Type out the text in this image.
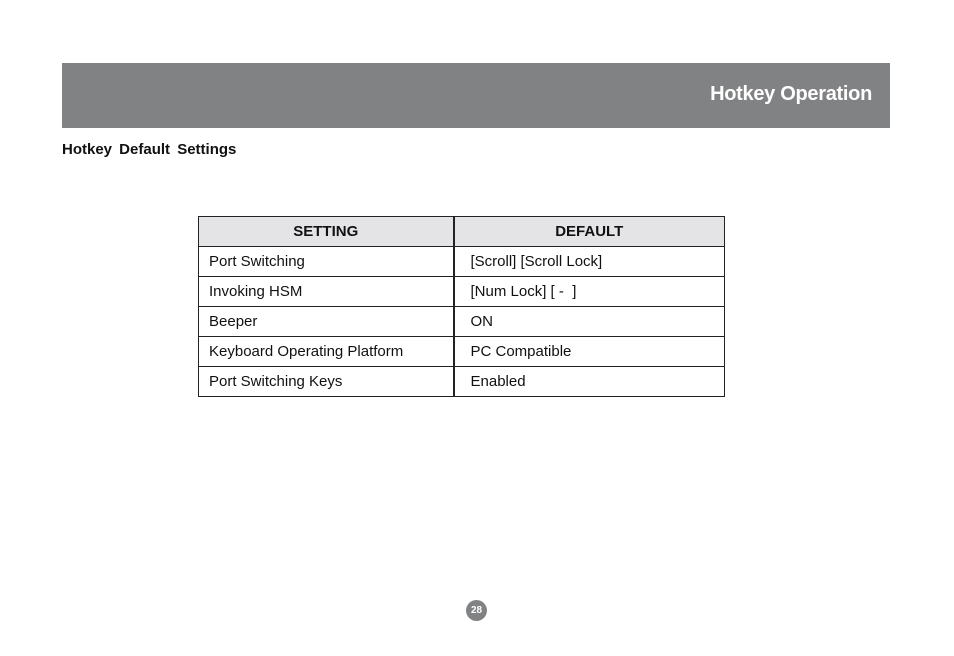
Hotkey Operation
Hotkey Default Settings
SETTING	DEFAULT
Port Switching	[Scroll] [Scroll Lock]
Invoking HSM	[Num Lock] [ -  ]
Beeper	ON
Keyboard Operating Platform	PC Compatible
Port Switching Keys	Enabled
28
